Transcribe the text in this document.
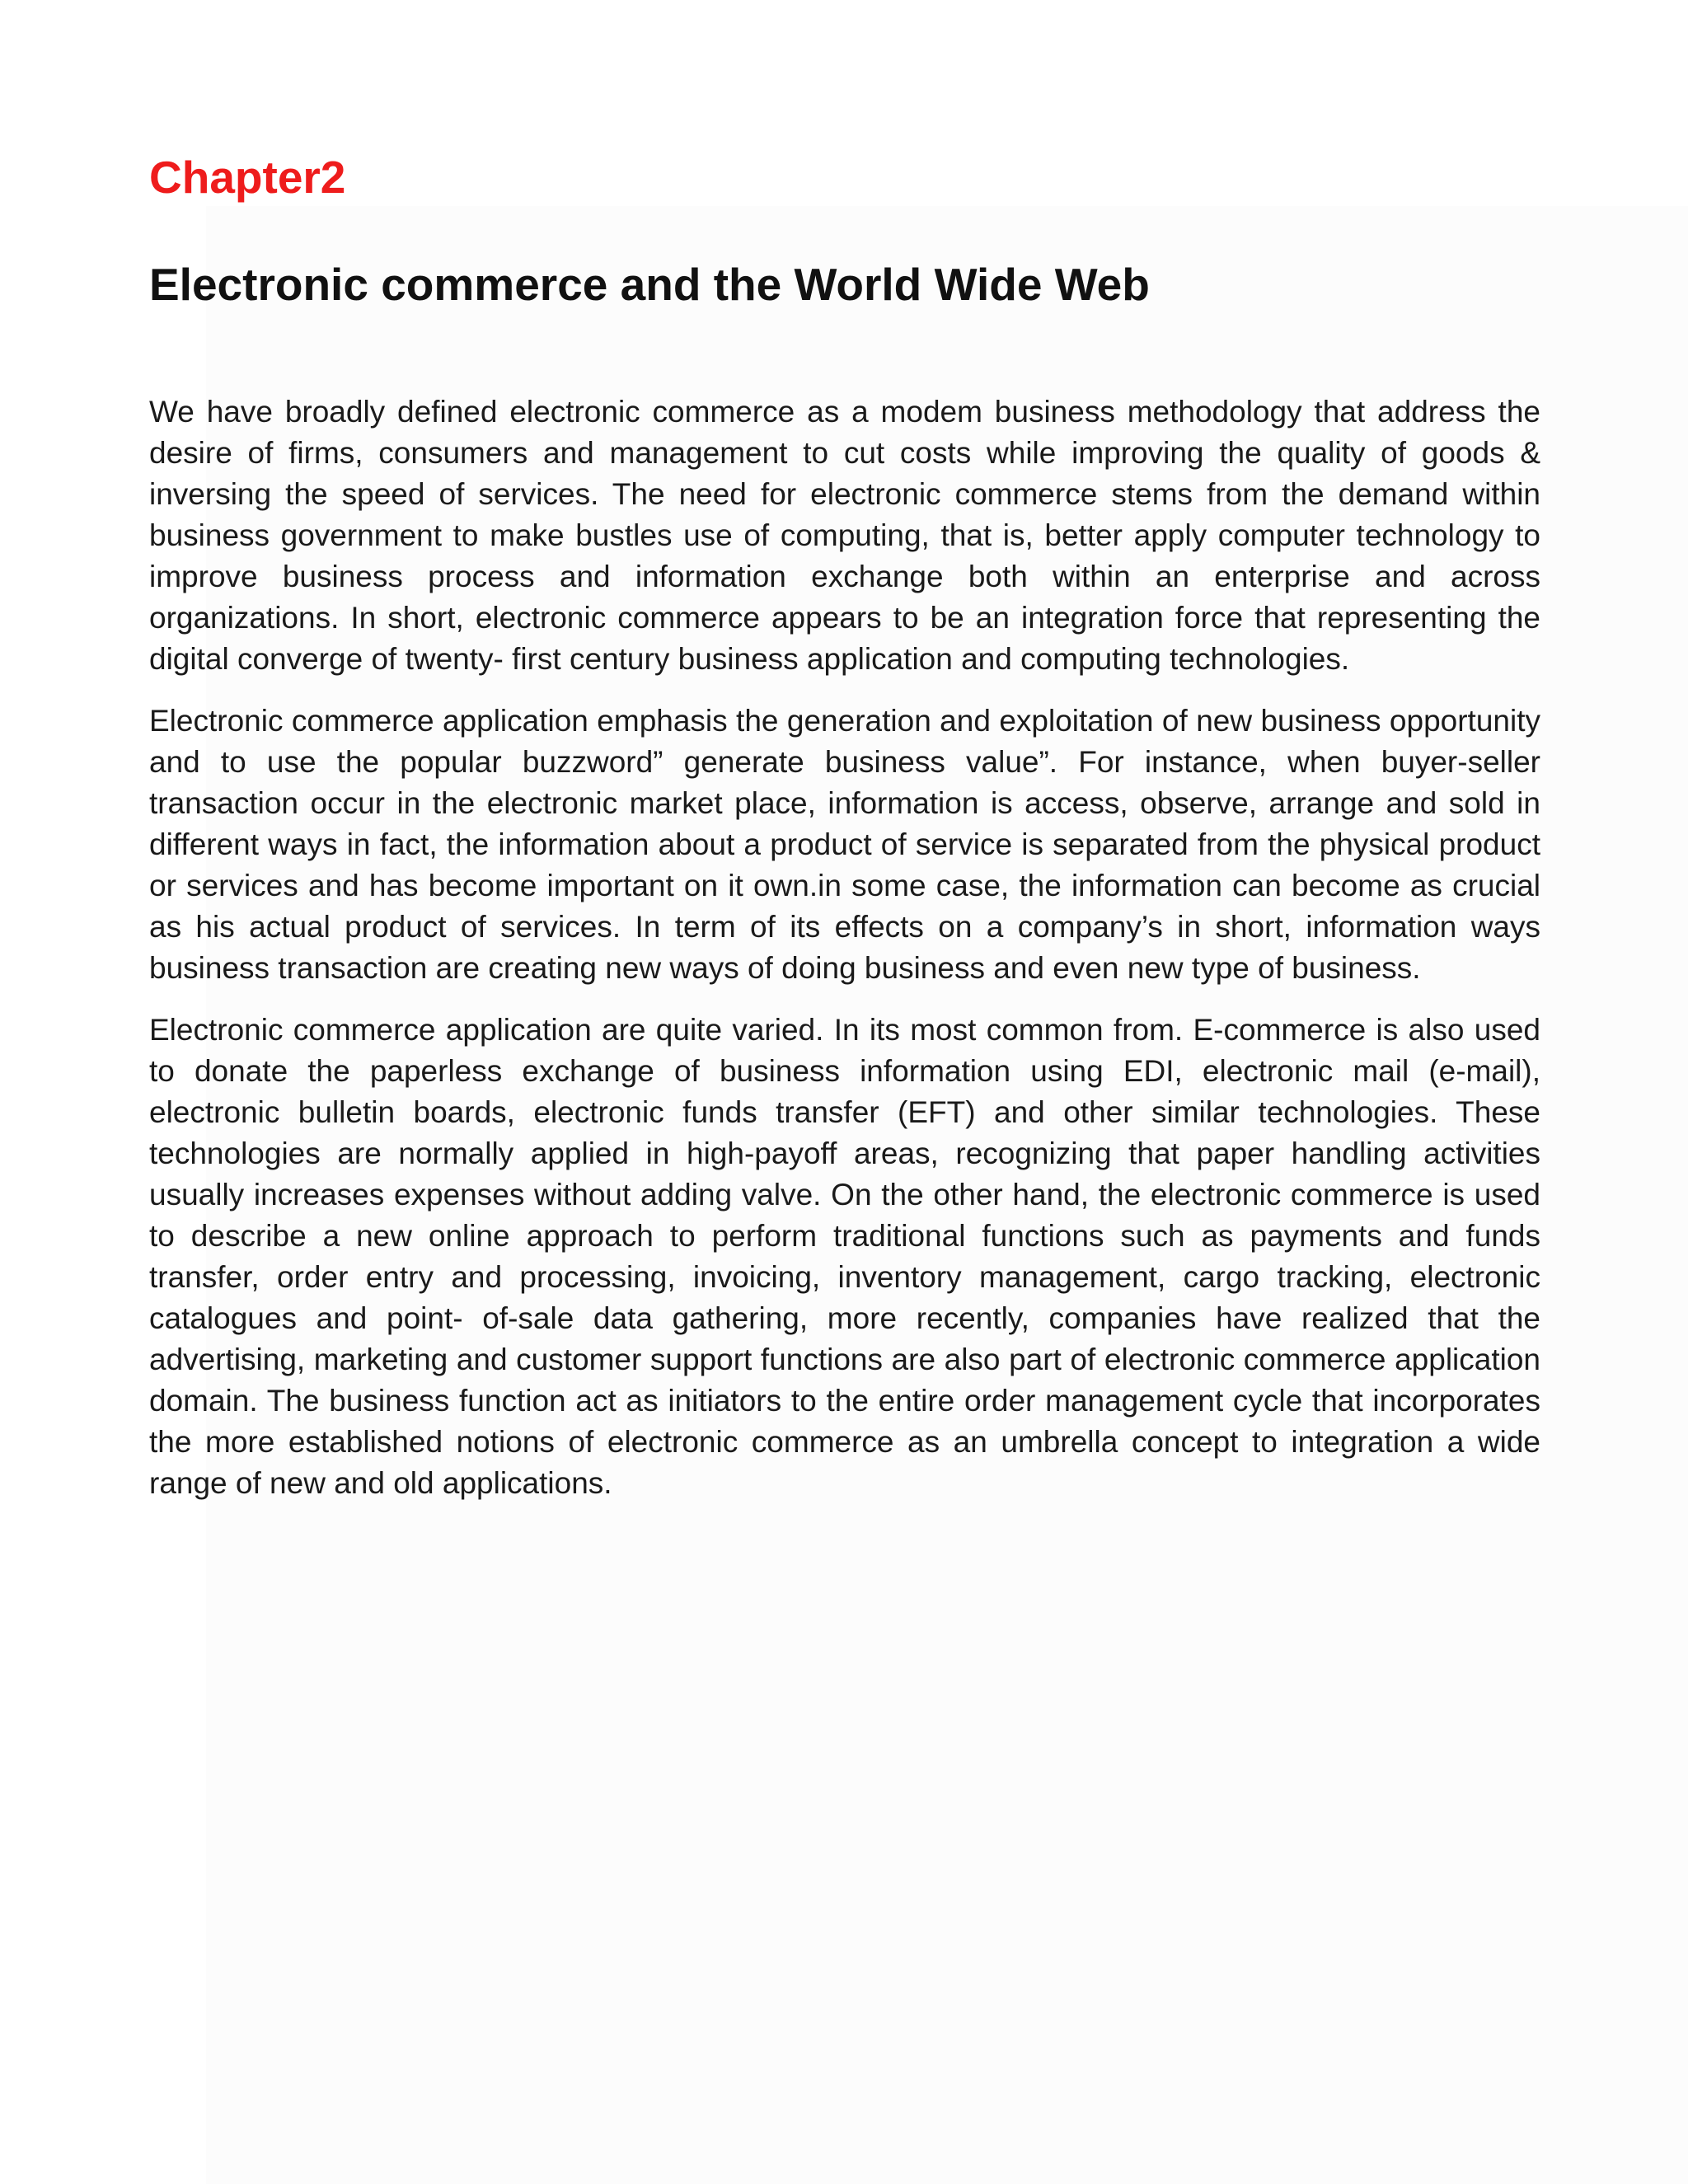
Chapter2
Electronic commerce and the World Wide Web

We have broadly defined electronic commerce as a modem business methodology that address the desire of firms, consumers and management to cut costs while improving the quality of goods & inversing the speed of services. The need for electronic commerce stems from the demand within business government to make bustles use of computing, that is, better apply computer technology to improve business process and information exchange both within an enterprise and across organizations. In short, electronic commerce appears to be an integration force that representing the digital converge of twenty- first century business application and computing technologies.

Electronic commerce application emphasis the generation and exploitation of new business opportunity and to use the popular buzzword” generate business value”. For instance, when buyer-seller transaction occur in the electronic market place, information is access, observe, arrange and sold in different ways in fact, the information about a product of service is separated from the physical product or services and has become important on it own.in some case, the information can become as crucial as his actual product of services. In term of its effects on a company’s in short, information ways business transaction are creating new ways of doing business and even new type of business.

Electronic commerce application are quite varied. In its most common from. E-commerce is also used to donate the paperless exchange of business information using EDI, electronic mail (e-mail), electronic bulletin boards, electronic funds transfer (EFT) and other similar technologies. These technologies are normally applied in high-payoff areas, recognizing that paper handling activities usually increases expenses without adding valve. On the other hand, the electronic commerce is used to describe a new online approach to perform traditional functions such as payments and funds transfer, order entry and processing, invoicing, inventory management, cargo tracking, electronic catalogues and point- of-sale data gathering, more recently, companies have realized that the advertising, marketing and customer support functions are also part of electronic commerce application domain. The business function act as initiators to the entire order management cycle that incorporates the more established notions of electronic commerce as an umbrella concept to integration a wide range of new and old applications.
